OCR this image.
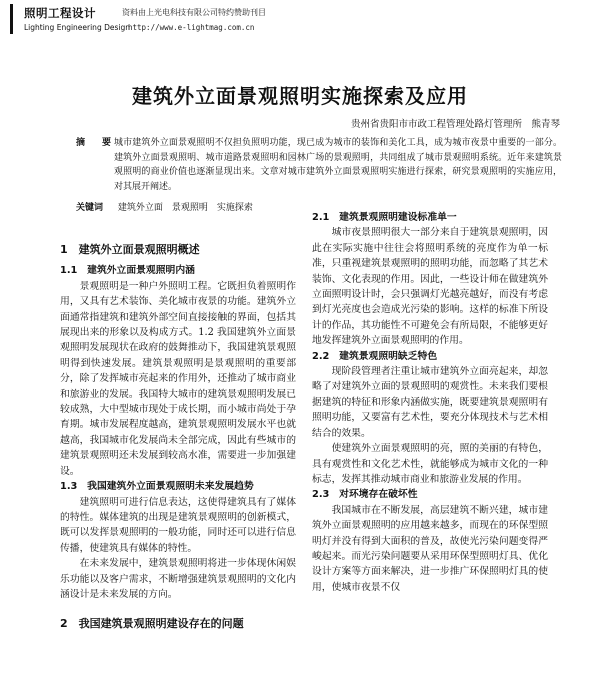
照明工程设计
Lighting Engineering Design
资料由上光电科技有限公司特约赞助刊目
http://www.e-lightmag.com.cn
建筑外立面景观照明实施探索及应用
贵州省贵阳市市政工程管理处路灯管理所　熊青琴
摘　要
城市建筑外立面景观照明不仅担负照明功能，现已成为城市的装饰和美化工具，成为城市夜景中重要的一部分。建筑外立面景观照明、城市道路景观照明和园林广场的景观照明，共同组成了城市景观照明系统。近年来建筑景观照明的商业价值也逐渐显现出来。文章对城市建筑外立面景观照明实施进行探索，研究景观照明的实施应用，对其展开阐述。
关键词 建筑外立面　景观照明　实施探索
1　建筑外立面景观照明概述
1.1　建筑外立面景观照明内涵

景观照明是一种户外照明工程。它既担负着照明作用，又具有艺术装饰、美化城市夜景的功能。建筑外立面通常指建筑和建筑外部空间直接接触的界面，包括其展现出来的形象以及构成方式。1.2 我国建筑外立面景观照明发展现状在政府的鼓舞推动下，我国建筑景观照明得到快速发展。建筑景观照明是景观照明的重要部分，除了发挥城市亮起来的作用外，还推动了城市商业和旅游业的发展。我国特大城市的建筑景观照明发展已较成熟，大中型城市现处于成长期，而小城市尚处于孕育期。城市发展程度越高，建筑景观照明发展水平也就越高，我国城市化发展尚未全部完成，因此有些城市的建筑景观照明还未发展到较高水准，需要进一步加强建设。

1.3　我国建筑外立面景观照明未来发展趋势

建筑照明可进行信息表达，这使得建筑具有了媒体的特性。媒体建筑的出现是建筑景观照明的创新模式，既可以发挥景观照明的一般功能，同时还可以进行信息传播，使建筑具有媒体的特性。

在未来发展中，建筑景观照明将进一步体现休闲娱乐功能以及客户需求，不断增强建筑景观照明的文化内涵设计是未来发展的方向。

2　我国建筑景观照明建设存在的问题
2.1　建筑景观照明建设标准单一

城市夜景照明很大一部分来自于建筑景观照明，因此在实际实施中往往会将照明系统的亮度作为单一标准，只重视建筑景观照明的照明功能，而忽略了其艺术装饰、文化表现的作用。因此，一些设计师在做建筑外立面照明设计时，会只强调灯光越亮越好，而没有考虑到灯光亮度也会造成光污染的影响。这样的标准下所设计的作品，其功能性不可避免会有所局限，不能够更好地发挥建筑外立面景观照明的作用。

2.2　建筑景观照明缺乏特色

现阶段管理者注重让城市建筑外立面亮起来，却忽略了对建筑外立面的景观照明的观赏性。未来我们要根据建筑的特征和形象内涵做实施，既要建筑景观照明有照明功能，又要富有艺术性，要充分体现技术与艺术相结合的效果。

使建筑外立面景观照明的亮，照的美丽的有特色，具有观赏性和文化艺术性，就能够成为城市文化的一种标志，发挥其推动城市商业和旅游业发展的作用。

2.3　对环境存在破坏性

我国城市在不断发展，高层建筑不断兴建，城市建筑外立面景观照明的应用越来越多，而现在的环保型照明灯并没有得到大面积的普及，故使光污染问题变得严峻起来。而光污染问题要从采用环保型照明灯具、优化设计方案等方面来解决，进一步推广环保照明灯具的使用，使城市夜景不仅
